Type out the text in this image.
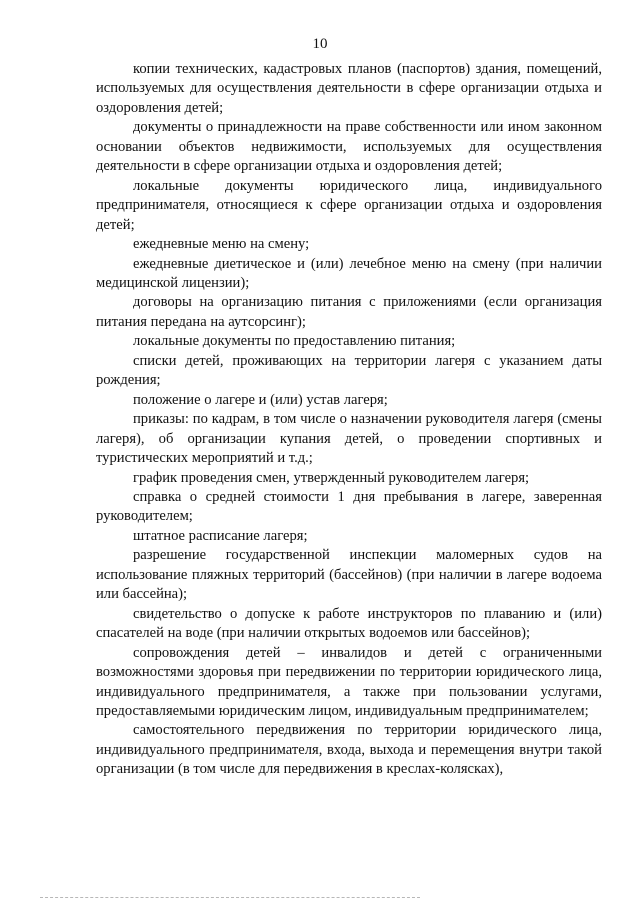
10

копии технических, кадастровых планов (паспортов) здания, помещений, используемых для осуществления деятельности в сфере организации отдыха и оздоровления детей;

документы о принадлежности на праве собственности или ином законном основании объектов недвижимости, используемых для осуществления деятельности в сфере организации отдыха и оздоровления детей;

локальные документы юридического лица, индивидуального предпринимателя, относящиеся к сфере организации отдыха и оздоровления детей;

ежедневные меню на смену;

ежедневные диетическое и (или) лечебное меню на смену (при наличии медицинской лицензии);

договоры на организацию питания с приложениями (если организация питания передана на аутсорсинг);

локальные документы по предоставлению питания;

списки детей, проживающих на территории лагеря с указанием даты рождения;

положение о лагере и (или) устав лагеря;

приказы: по кадрам, в том числе о назначении руководителя лагеря (смены лагеря), об организации купания детей, о проведении спортивных и туристических мероприятий и т.д.;

график проведения смен, утвержденный руководителем лагеря;

справка о средней стоимости 1 дня пребывания в лагере, заверенная руководителем;

штатное расписание лагеря;

разрешение государственной инспекции маломерных судов на использование пляжных территорий (бассейнов) (при наличии в лагере водоема или бассейна);

свидетельство о допуске к работе инструкторов по плаванию и (или) спасателей на воде (при наличии открытых водоемов или бассейнов);

сопровождения детей – инвалидов и детей с ограниченными возможностями здоровья при передвижении по территории юридического лица, индивидуального предпринимателя, а также при пользовании услугами, предоставляемыми юридическим лицом, индивидуальным предпринимателем;

самостоятельного передвижения по территории юридического лица, индивидуального предпринимателя, входа, выхода и перемещения внутри такой организации (в том числе для передвижения в креслах-колясках),
